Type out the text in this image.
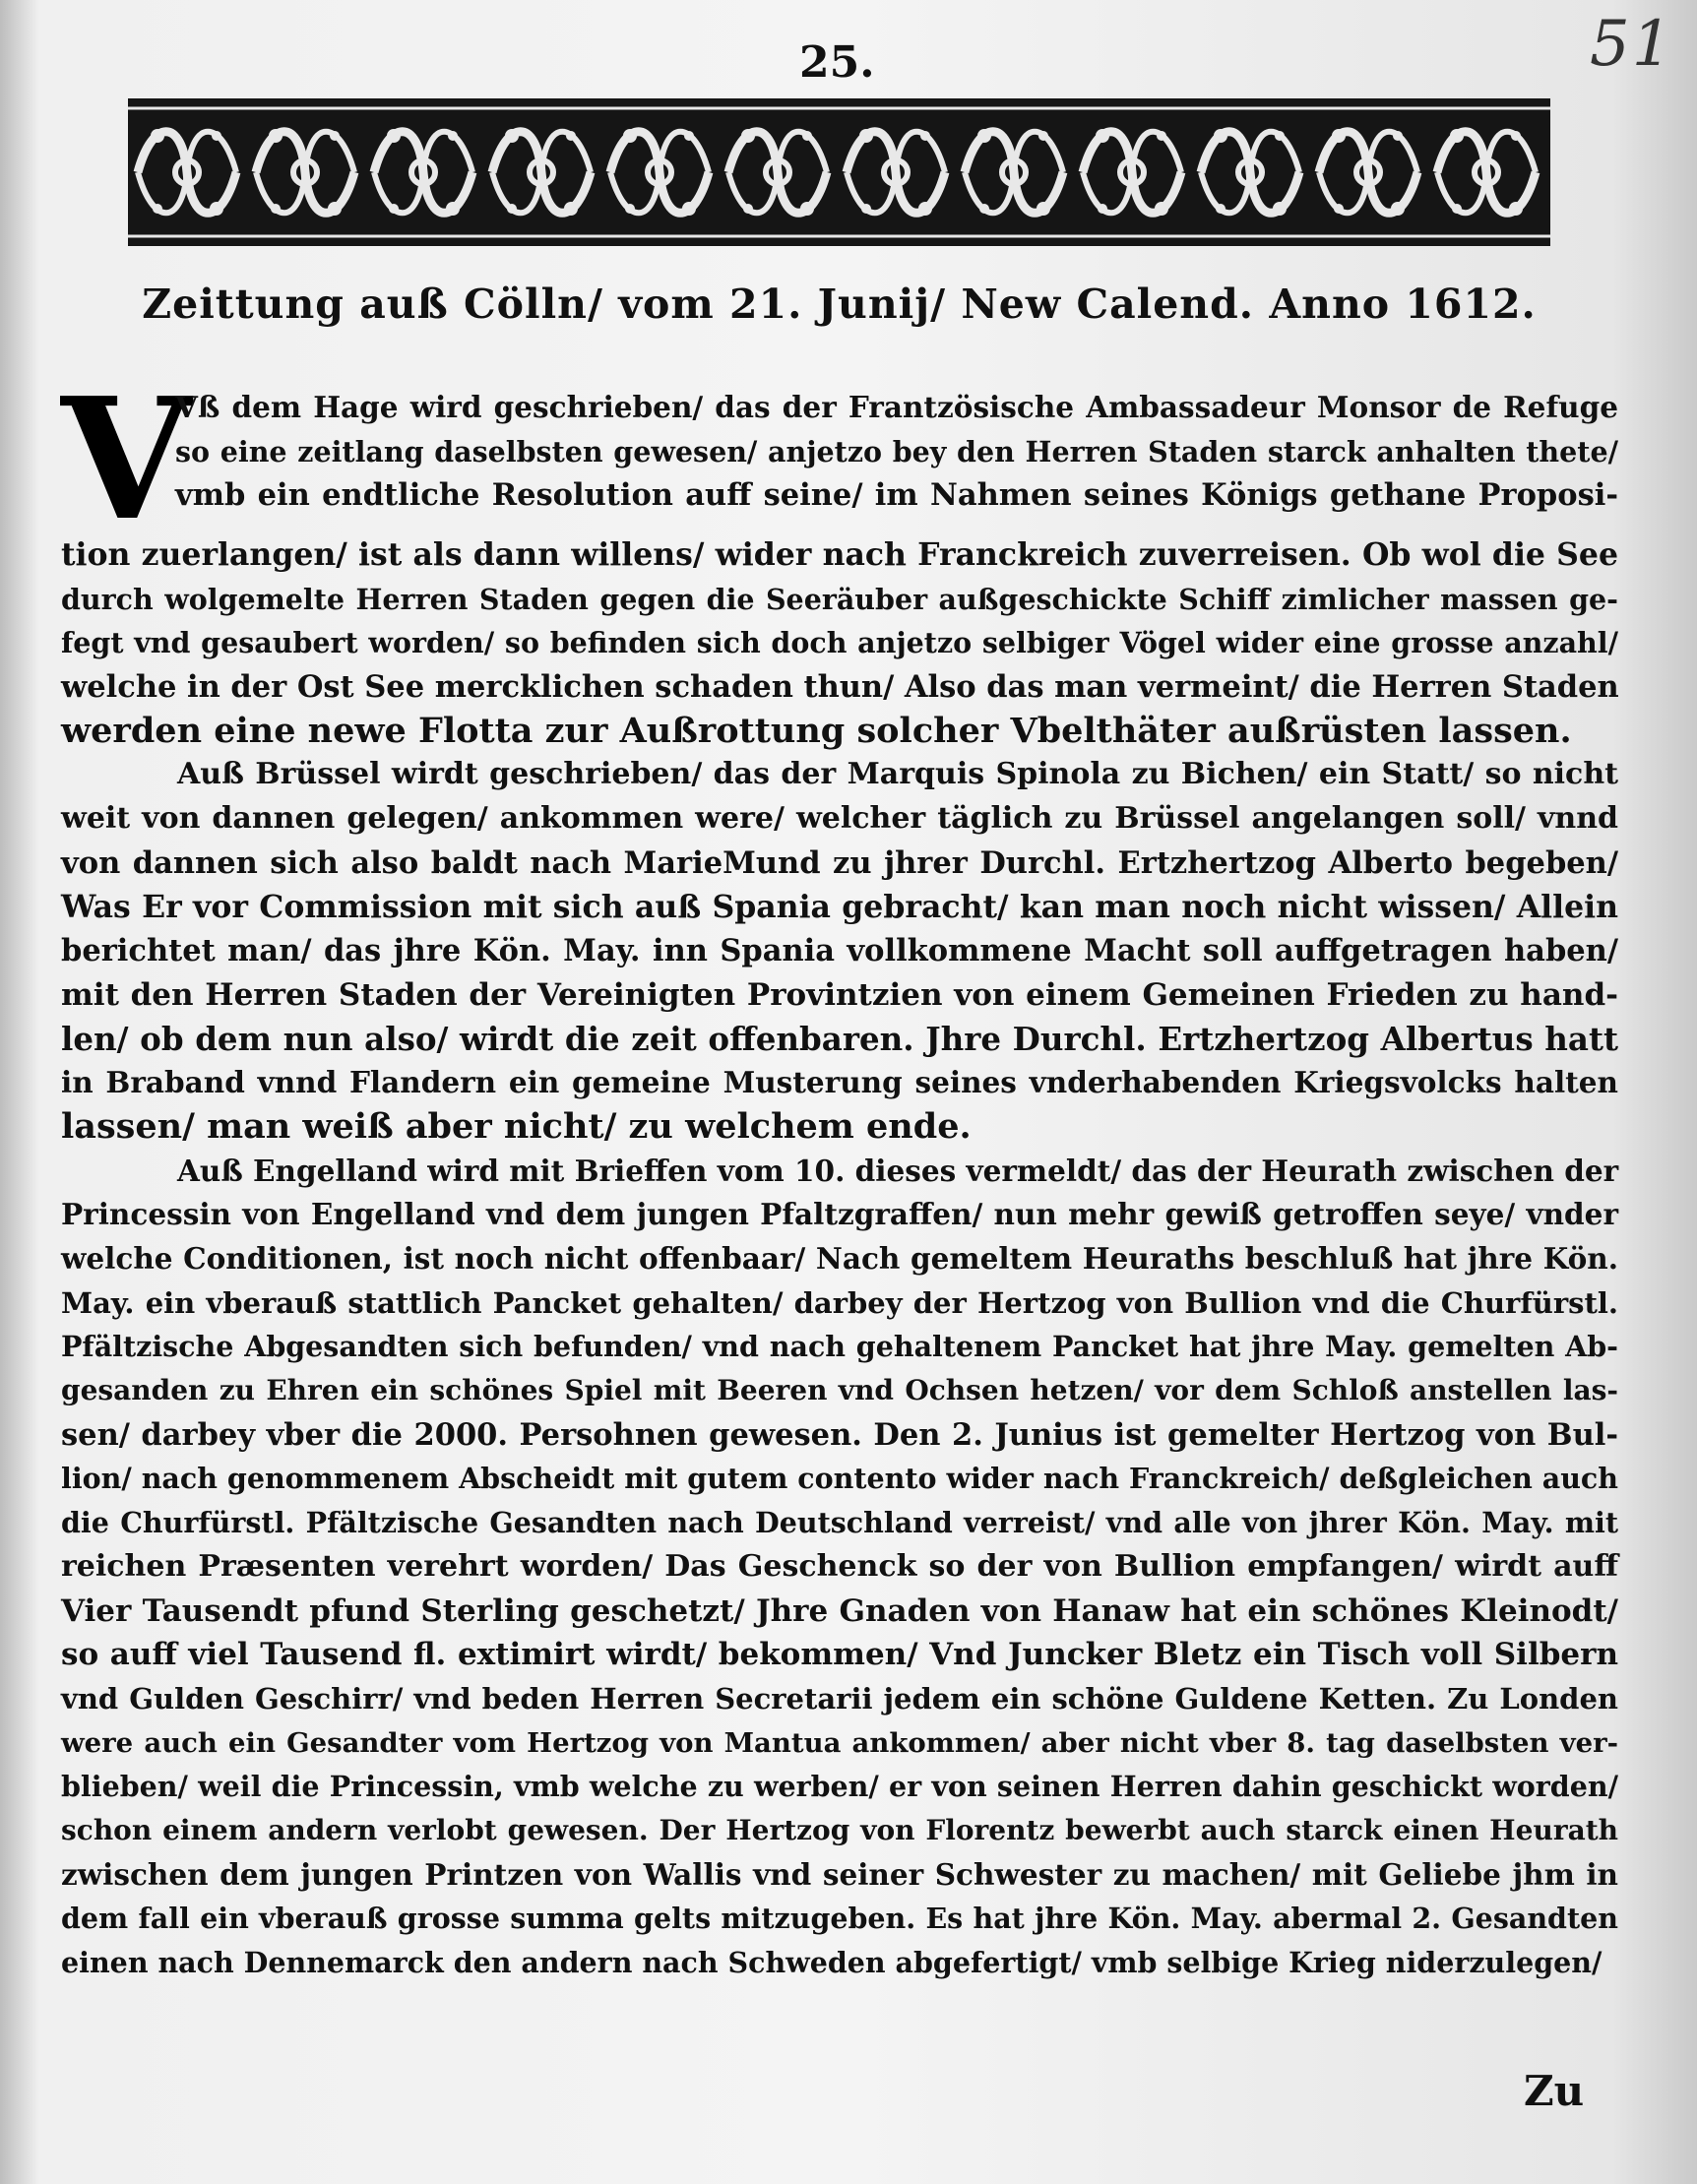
51
25.
Zeittung auß Cölln/ vom 21. Junij/ New Calend. Anno 1612.
V
Vß dem Hage wird geschrieben/ das der Frantzösische Ambassadeur Monsor de Refuge
so eine zeitlang daselbsten gewesen/ anjetzo bey den Herren Staden starck anhalten thete/
vmb ein endtliche Resolution auff seine/ im Nahmen seines Königs gethane Proposi-
tion zuerlangen/ ist als dann willens/ wider nach Franckreich zuverreisen. Ob wol die See
durch wolgemelte Herren Staden gegen die Seeräuber außgeschickte Schiff zimlicher massen ge-
fegt vnd gesaubert worden/ so befinden sich doch anjetzo selbiger Vögel wider eine grosse anzahl/
welche in der Ost See mercklichen schaden thun/ Also das man vermeint/ die Herren Staden
werden eine newe Flotta zur Außrottung solcher Vbelthäter außrüsten lassen.
Auß Brüssel wirdt geschrieben/ das der Marquis Spinola zu Bichen/ ein Statt/ so nicht
weit von dannen gelegen/ ankommen were/ welcher täglich zu Brüssel angelangen soll/ vnnd
von dannen sich also baldt nach MarieMund zu jhrer Durchl. Ertzhertzog Alberto begeben/
Was Er vor Commission mit sich auß Spania gebracht/ kan man noch nicht wissen/ Allein
berichtet man/ das jhre Kön. May. inn Spania vollkommene Macht soll auffgetragen haben/
mit den Herren Staden der Vereinigten Provintzien von einem Gemeinen Frieden zu hand-
len/ ob dem nun also/ wirdt die zeit offenbaren. Jhre Durchl. Ertzhertzog Albertus hatt
in Braband vnnd Flandern ein gemeine Musterung seines vnderhabenden Kriegsvolcks halten
lassen/ man weiß aber nicht/ zu welchem ende.
Auß Engelland wird mit Brieffen vom 10. dieses vermeldt/ das der Heurath zwischen der
Princessin von Engelland vnd dem jungen Pfaltzgraffen/ nun mehr gewiß getroffen seye/ vnder
welche Conditionen, ist noch nicht offenbaar/ Nach gemeltem Heuraths beschluß hat jhre Kön.
May. ein vberauß stattlich Pancket gehalten/ darbey der Hertzog von Bullion vnd die Churfürstl.
Pfältzische Abgesandten sich befunden/ vnd nach gehaltenem Pancket hat jhre May. gemelten Ab-
gesanden zu Ehren ein schönes Spiel mit Beeren vnd Ochsen hetzen/ vor dem Schloß anstellen las-
sen/ darbey vber die 2000. Persohnen gewesen. Den 2. Junius ist gemelter Hertzog von Bul-
lion/ nach genommenem Abscheidt mit gutem contento wider nach Franckreich/ deßgleichen auch
die Churfürstl. Pfältzische Gesandten nach Deutschland verreist/ vnd alle von jhrer Kön. May. mit
reichen Præsenten verehrt worden/ Das Geschenck so der von Bullion empfangen/ wirdt auff
Vier Tausendt pfund Sterling geschetzt/ Jhre Gnaden von Hanaw hat ein schönes Kleinodt/
so auff viel Tausend fl. extimirt wirdt/ bekommen/ Vnd Juncker Bletz ein Tisch voll Silbern
vnd Gulden Geschirr/ vnd beden Herren Secretarii jedem ein schöne Guldene Ketten. Zu Londen
were auch ein Gesandter vom Hertzog von Mantua ankommen/ aber nicht vber 8. tag daselbsten ver-
blieben/ weil die Princessin, vmb welche zu werben/ er von seinen Herren dahin geschickt worden/
schon einem andern verlobt gewesen. Der Hertzog von Florentz bewerbt auch starck einen Heurath
zwischen dem jungen Printzen von Wallis vnd seiner Schwester zu machen/ mit Geliebe jhm in
dem fall ein vberauß grosse summa gelts mitzugeben. Es hat jhre Kön. May. abermal 2. Gesandten
einen nach Dennemarck den andern nach Schweden abgefertigt/ vmb selbige Krieg niderzulegen/
Zu
